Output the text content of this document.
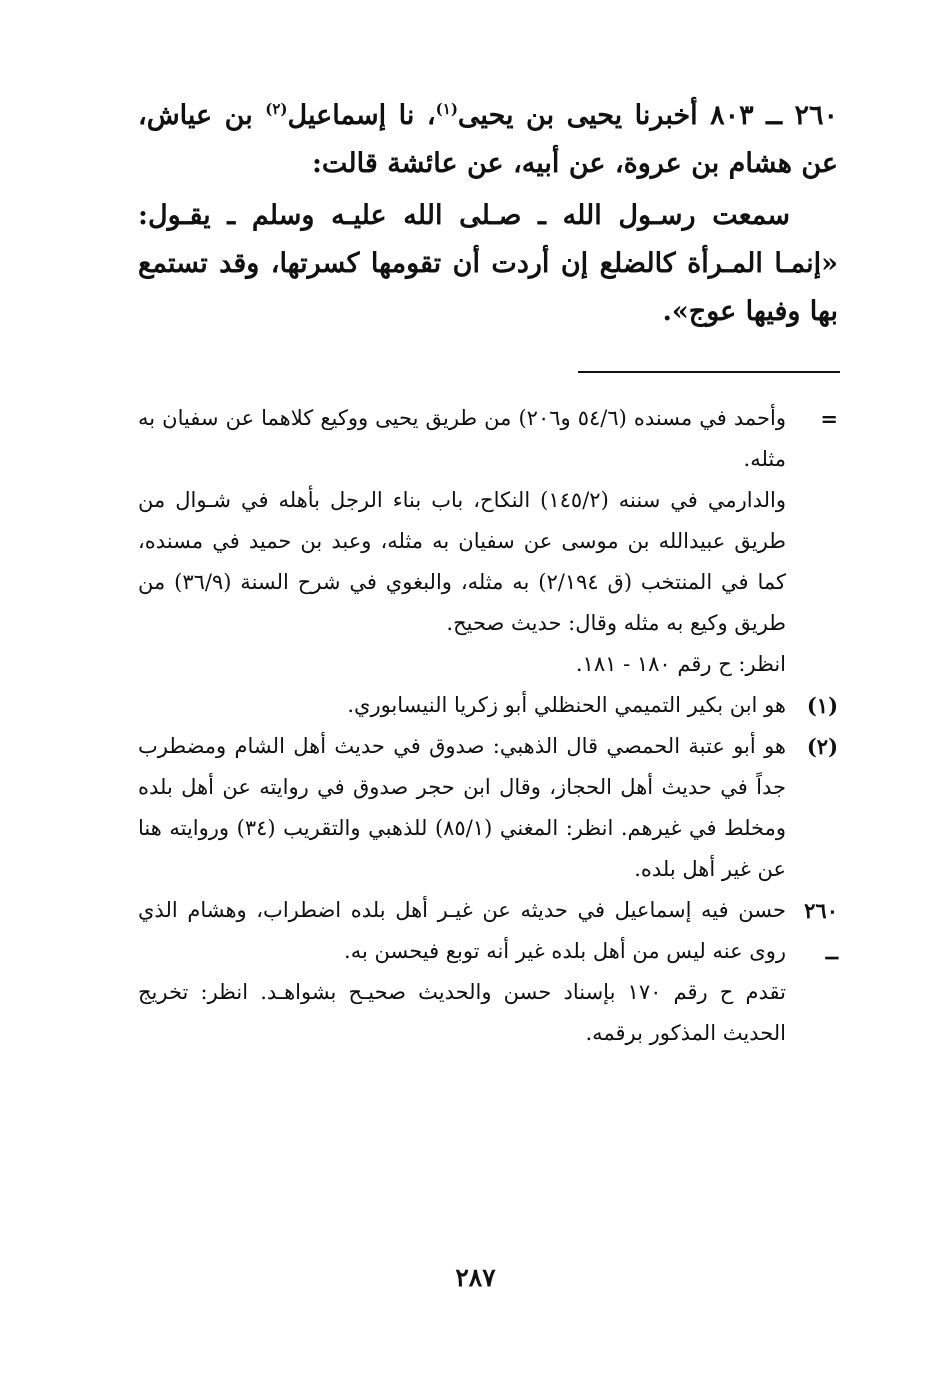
٢٦٠ ــ ٨٠٣ أخبرنا يحيى بن يحيى$^{(١)}$، نا إسماعيل$^{(٢)}$ بن عياش، عن هشام بن عروة، عن أبيه، عن عائشة قالت:

سمعت رسـول الله ـ صـلى الله عليـه وسلم ـ يقـول: «إنمـا المـرأة كالضلع إن أردت أن تقومها كسرتها، وقد تستمع بها وفيها عوج».

=

وأحمد في مسنده (٥٤/٦ و٢٠٦) من طريق يحيى ووكيع كلاهما عن سفيان به مثله.

والدارمي في سننه (١٤٥/٢) النكاح، باب بناء الرجل بأهله في شـوال من طريق عبيدالله بن موسى عن سفيان به مثله، وعبد بن حميد في مسنده، كما في المنتخب (ق ٢/١٩٤) به مثله، والبغوي في شرح السنة (٣٦/٩) من طريق وكيع به مثله وقال: حديث صحيح.

انظر: ح رقم ١٨٠ - ١٨١.

(١)

هو ابن بكير التميمي الحنظلي أبو زكريا النيسابوري.

(٢)

هو أبو عتبة الحمصي قال الذهبي: صدوق في حديث أهل الشام ومضطرب جداً في حديث أهل الحجاز، وقال ابن حجر صدوق في روايته عن أهل بلده ومخلط في غيرهم. انظر: المغني (٨٥/١) للذهبي والتقريب (٣٤) وروايته هنا عن غير أهل بلده.

٢٦٠ ــ

حسن فيه إسماعيل في حديثه عن غيـر أهل بلده اضطراب، وهشام الذي روى عنه ليس من أهل بلده غير أنه توبع فيحسن به.

تقدم ح رقم ١٧٠ بإسناد حسن والحديث صحيـح بشواهـد. انظر: تخريج الحديث المذكور برقمه.

٢٨٧
